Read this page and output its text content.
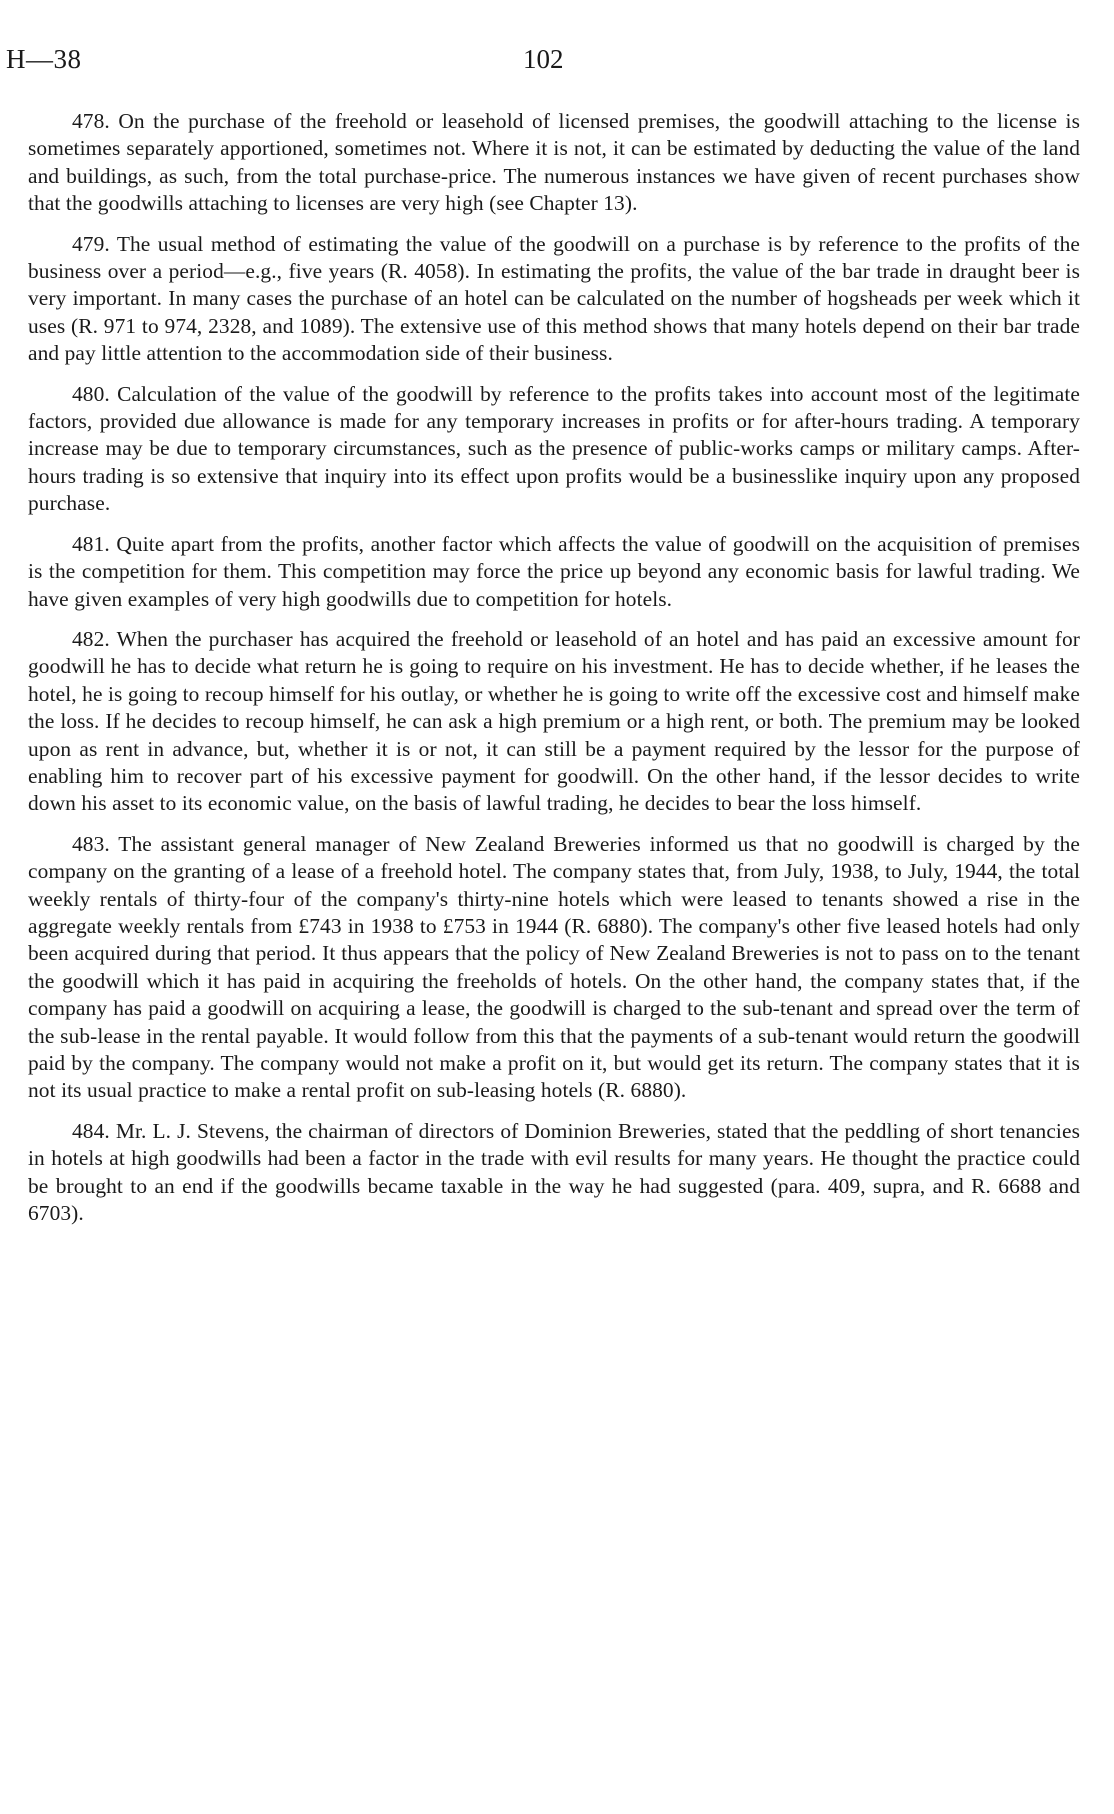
H—38	102

478. On the purchase of the freehold or leasehold of licensed premises, the goodwill attaching to the license is sometimes separately apportioned, sometimes not. Where it is not, it can be estimated by deducting the value of the land and buildings, as such, from the total purchase-price. The numerous instances we have given of recent purchases show that the goodwills attaching to licenses are very high (see Chapter 13).

479. The usual method of estimating the value of the goodwill on a purchase is by reference to the profits of the business over a period—e.g., five years (R. 4058). In estimating the profits, the value of the bar trade in draught beer is very important. In many cases the purchase of an hotel can be calculated on the number of hogsheads per week which it uses (R. 971 to 974, 2328, and 1089). The extensive use of this method shows that many hotels depend on their bar trade and pay little attention to the accommodation side of their business.

480. Calculation of the value of the goodwill by reference to the profits takes into account most of the legitimate factors, provided due allowance is made for any temporary increases in profits or for after-hours trading. A temporary increase may be due to temporary circumstances, such as the presence of public-works camps or military camps. After-hours trading is so extensive that inquiry into its effect upon profits would be a businesslike inquiry upon any proposed purchase.

481. Quite apart from the profits, another factor which affects the value of goodwill on the acquisition of premises is the competition for them. This competition may force the price up beyond any economic basis for lawful trading. We have given examples of very high goodwills due to competition for hotels.

482. When the purchaser has acquired the freehold or leasehold of an hotel and has paid an excessive amount for goodwill he has to decide what return he is going to require on his investment. He has to decide whether, if he leases the hotel, he is going to recoup himself for his outlay, or whether he is going to write off the excessive cost and himself make the loss. If he decides to recoup himself, he can ask a high premium or a high rent, or both. The premium may be looked upon as rent in advance, but, whether it is or not, it can still be a payment required by the lessor for the purpose of enabling him to recover part of his excessive payment for goodwill. On the other hand, if the lessor decides to write down his asset to its economic value, on the basis of lawful trading, he decides to bear the loss himself.

483. The assistant general manager of New Zealand Breweries informed us that no goodwill is charged by the company on the granting of a lease of a freehold hotel. The company states that, from July, 1938, to July, 1944, the total weekly rentals of thirty-four of the company's thirty-nine hotels which were leased to tenants showed a rise in the aggregate weekly rentals from £743 in 1938 to £753 in 1944 (R. 6880). The company's other five leased hotels had only been acquired during that period. It thus appears that the policy of New Zealand Breweries is not to pass on to the tenant the goodwill which it has paid in acquiring the freeholds of hotels. On the other hand, the company states that, if the company has paid a goodwill on acquiring a lease, the goodwill is charged to the sub-tenant and spread over the term of the sub-lease in the rental payable. It would follow from this that the payments of a sub-tenant would return the goodwill paid by the company. The company would not make a profit on it, but would get its return. The company states that it is not its usual practice to make a rental profit on sub-leasing hotels (R. 6880).

484. Mr. L. J. Stevens, the chairman of directors of Dominion Breweries, stated that the peddling of short tenancies in hotels at high goodwills had been a factor in the trade with evil results for many years. He thought the practice could be brought to an end if the goodwills became taxable in the way he had suggested (para. 409, supra, and R. 6688 and 6703).
